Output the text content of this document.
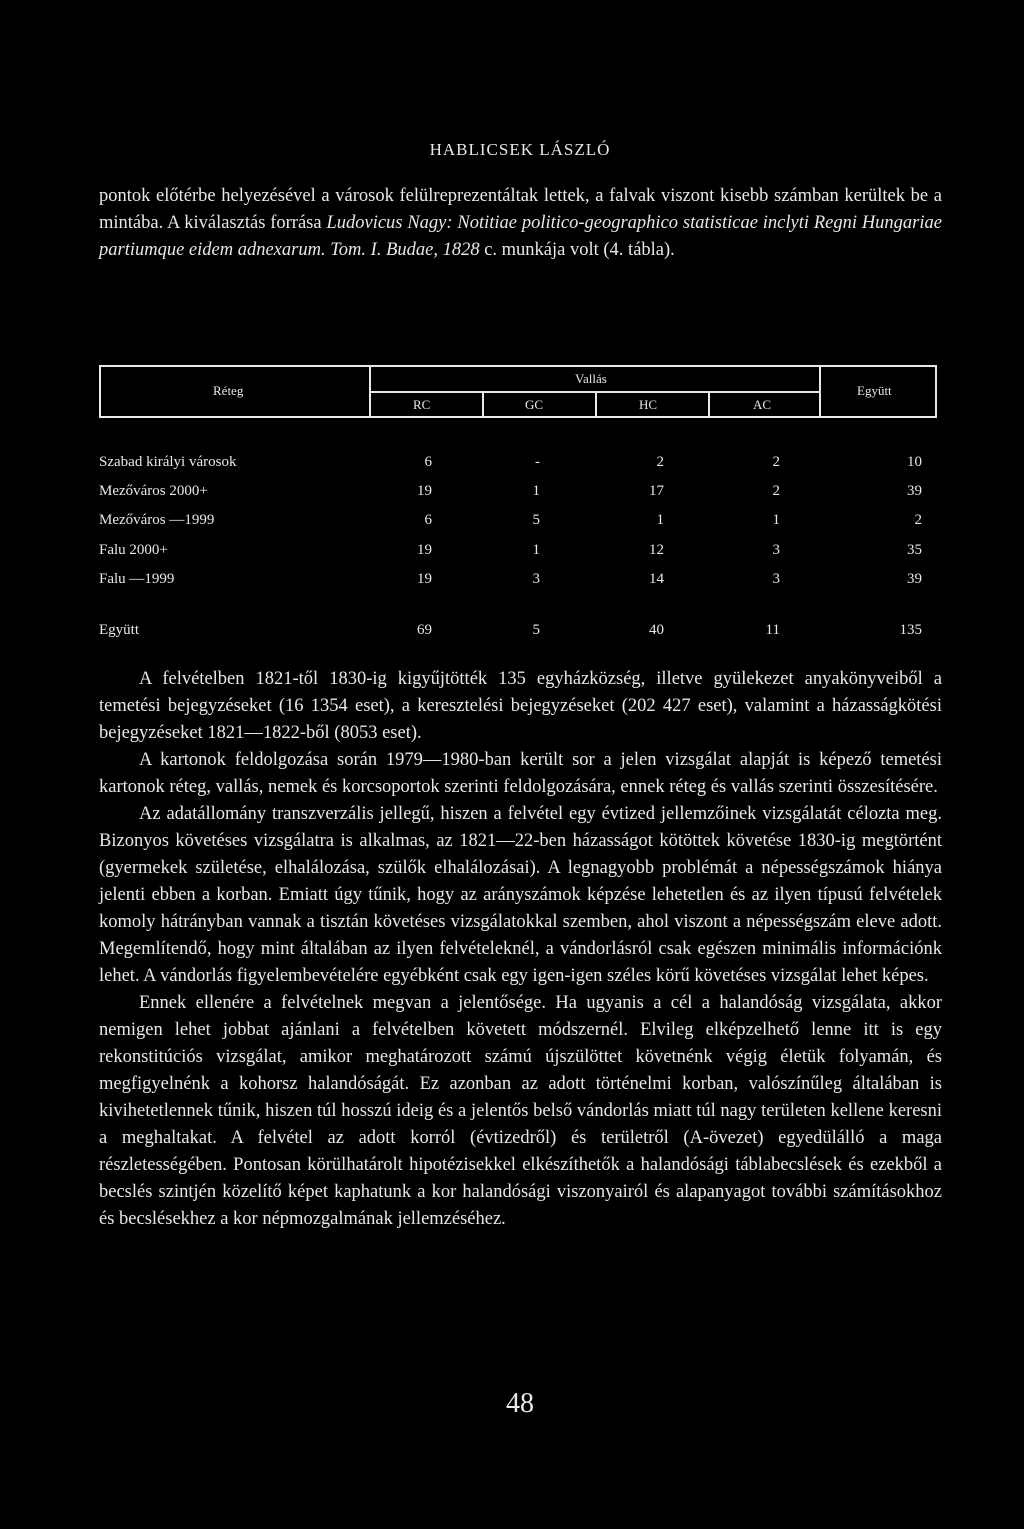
HABLICSEK LÁSZLÓ

pontok előtérbe helyezésével a városok felülreprezentáltak lettek, a falvak viszont kisebb számban kerültek be a mintába. A kiválasztás forrása Ludovicus Nagy: Notitiae politico-geographico statisticae inclyti Regni Hungariae partiumque eidem adnexarum. Tom. I. Budae, 1828 c. munkája volt (4. tábla).

Réteg
Vallás
RC	GC	HC	AC
Együtt
Szabad királyi városok	6	-	2	2	10
Mezőváros 2000+	19	1	17	2	39
Mezőváros —1999	6	5	1	1	2
Falu 2000+	19	1	12	3	35
Falu —1999	19	3	14	3	39
Együtt	69	5	40	11	135

A felvételben 1821-től 1830-ig kigyűjtötték 135 egyházközség, illetve gyülekezet anyakönyveiből a temetési bejegyzéseket (16 1354 eset), a keresztelési bejegyzéseket (202 427 eset), valamint a házasságkötési bejegyzéseket 1821—1822-ből (8053 eset).

A kartonok feldolgozása során 1979—1980-ban került sor a jelen vizsgálat alapját is képező temetési kartonok réteg, vallás, nemek és korcsoportok szerinti feldolgozására, ennek réteg és vallás szerinti összesítésére.

Az adatállomány transzverzális jellegű, hiszen a felvétel egy évtized jellemzőinek vizsgálatát célozta meg. Bizonyos követéses vizsgálatra is alkalmas, az 1821—22-ben házasságot kötöttek követése 1830-ig megtörtént (gyermekek születése, elhalálozása, szülők elhalálozásai). A legnagyobb problémát a népességszámok hiánya jelenti ebben a korban. Emiatt úgy tűnik, hogy az arányszámok képzése lehetetlen és az ilyen típusú felvételek komoly hátrányban vannak a tisztán követéses vizsgálatokkal szemben, ahol viszont a népességszám eleve adott. Megemlítendő, hogy mint általában az ilyen felvételeknél, a vándorlásról csak egészen minimális információnk lehet. A vándorlás figyelembevételére egyébként csak egy igen-igen széles körű követéses vizsgálat lehet képes.

Ennek ellenére a felvételnek megvan a jelentősége. Ha ugyanis a cél a halandóság vizsgálata, akkor nemigen lehet jobbat ajánlani a felvételben követett módszernél. Elvileg elképzelhető lenne itt is egy rekonstitúciós vizsgálat, amikor meghatározott számú újszülöttet követnénk végig életük folyamán, és megfigyelnénk a kohorsz halandóságát. Ez azonban az adott történelmi korban, valószínűleg általában is kivihetetlennek tűnik, hiszen túl hosszú ideig és a jelentős belső vándorlás miatt túl nagy területen kellene keresni a meghaltakat. A felvétel az adott korról (évtizedről) és területről (A-övezet) egyedülálló a maga részletességében. Pontosan körülhatárolt hipotézisekkel elkészíthetők a halandósági táblabecslések és ezekből a becslés szintjén közelítő képet kaphatunk a kor halandósági viszonyairól és alapanyagot további számításokhoz és becslésekhez a kor népmozgalmának jellemzéséhez.

48
